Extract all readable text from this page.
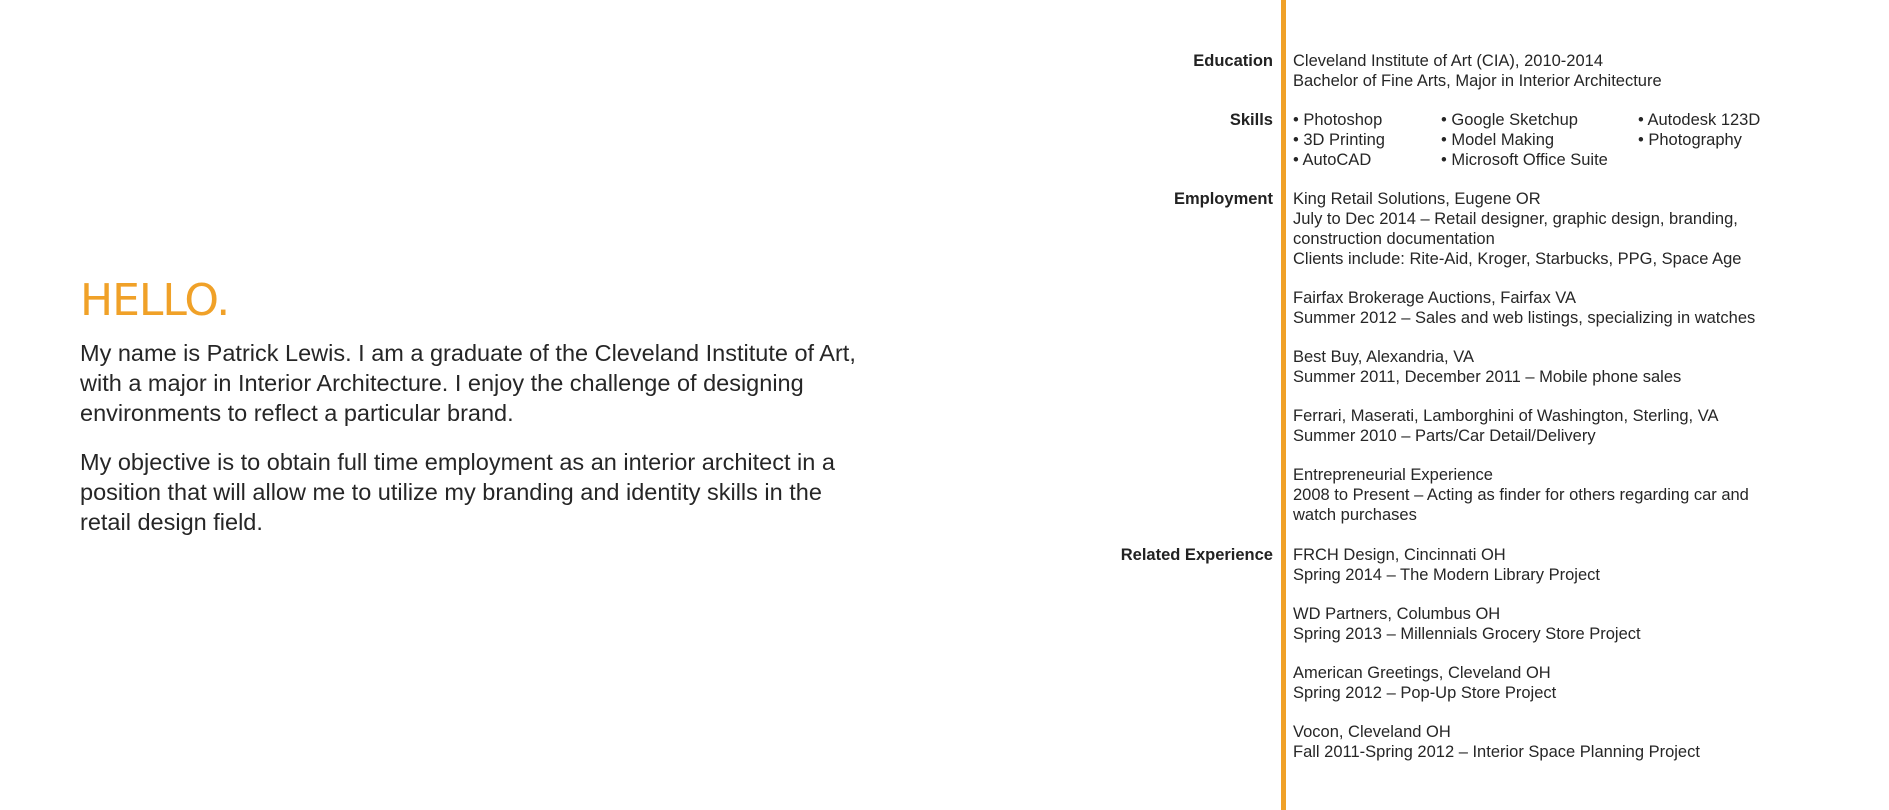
HELLO.

My name is Patrick Lewis. I am a graduate of the Cleveland Institute of Art, with a major in Interior Architecture. I enjoy the challenge of designing environments to reflect a particular brand.

My objective is to obtain full time employment as an interior architect in a position that will allow me to utilize my branding and identity skills in the retail design field.

Education Cleveland Institute of Art (CIA), 2010-2014
Bachelor of Fine Arts, Major in Interior Architecture
Skills • Photoshop
• 3D Printing
• AutoCAD
• Google Sketchup
• Model Making
• Microsoft Office Suite
• Autodesk 123D
• Photography
Employment King Retail Solutions, Eugene OR
July to Dec 2014 – Retail designer, graphic design, branding,
construction documentation
Clients include: Rite-Aid, Kroger, Starbucks, PPG, Space Age
Fairfax Brokerage Auctions, Fairfax VA
Summer 2012 – Sales and web listings, specializing in watches
Best Buy, Alexandria, VA
Summer 2011, December 2011 – Mobile phone sales
Ferrari, Maserati, Lamborghini of Washington, Sterling, VA
Summer 2010 – Parts/Car Detail/Delivery
Entrepreneurial Experience
2008 to Present – Acting as finder for others regarding car and
watch purchases
Related Experience FRCH Design, Cincinnati OH
Spring 2014 – The Modern Library Project
WD Partners, Columbus OH
Spring 2013 – Millennials Grocery Store Project
American Greetings, Cleveland OH
Spring 2012 – Pop-Up Store Project
Vocon, Cleveland OH
Fall 2011-Spring 2012 – Interior Space Planning Project
